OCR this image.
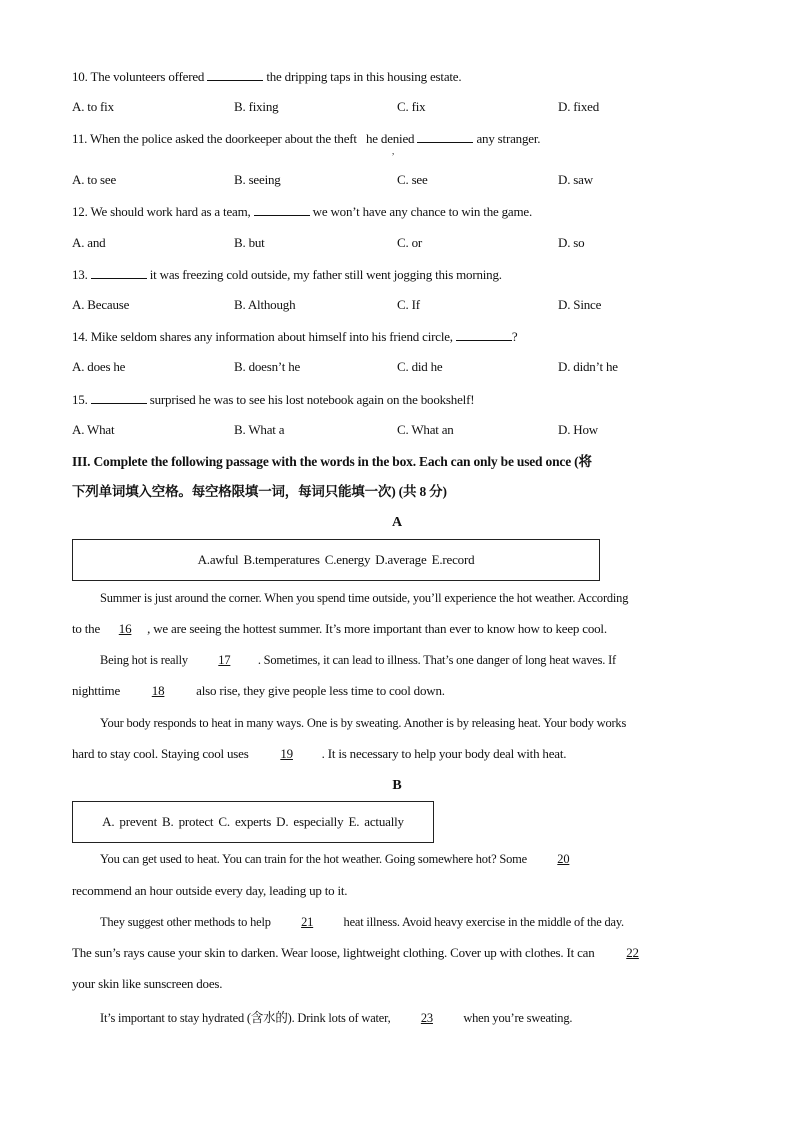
10. The volunteers offered	the dripping taps in this housing estate.
A. to fix	B. fixing	C. fix	D. fixed
11. When the police asked the doorkeeper about the theft he denied	any stranger.
,
A. to see	B. seeing	C. see	D. saw
12. We should work hard as a team,	we won’t have any chance to win the game.
A. and	B. but	C. or	D. so
13.	it was freezing cold outside, my father still went jogging this morning.
A. Because	B. Although	C. If	D. Since
14. Mike seldom shares any information about himself into his friend circle,	?
A. does he	B. doesn’t he	C. did he	D. didn’t he
15.	surprised he was to see his lost notebook again on the bookshelf!
A. What	B. What a	C. What an	D. How
III. Complete the following passage with the words in the box. Each can only be used once (将
下列单词填入空格。每空格限填一词，每词只能填一次) (共 8 分)
A
A.awful B.temperatures C.energy D.average E.record
Summer is just around the corner. When you spend time outside, you’ll experience the hot weather. According
to the 16 , we are seeing the hottest summer. It’s more important than ever to know how to keep cool.
Being hot is really 17 . Sometimes, it can lead to illness. That’s one danger of long heat waves. If
nighttime 18 also rise, they give people less time to cool down.
Your body responds to heat in many ways. One is by sweating. Another is by releasing heat. Your body works
hard to stay cool. Staying cool uses 19 . It is necessary to help your body deal with heat.
B
A. prevent B. protect C. experts D. especially E. actually
You can get used to heat. You can train for the hot weather. Going somewhere hot? Some 20
recommend an hour outside every day, leading up to it.
They suggest other methods to help 21 heat illness. Avoid heavy exercise in the middle of the day.
The sun’s rays cause your skin to darken. Wear loose, lightweight clothing. Cover up with clothes. It can 22
your skin like sunscreen does.
It’s important to stay hydrated (含水的). Drink lots of water, 23 when you’re sweating.
